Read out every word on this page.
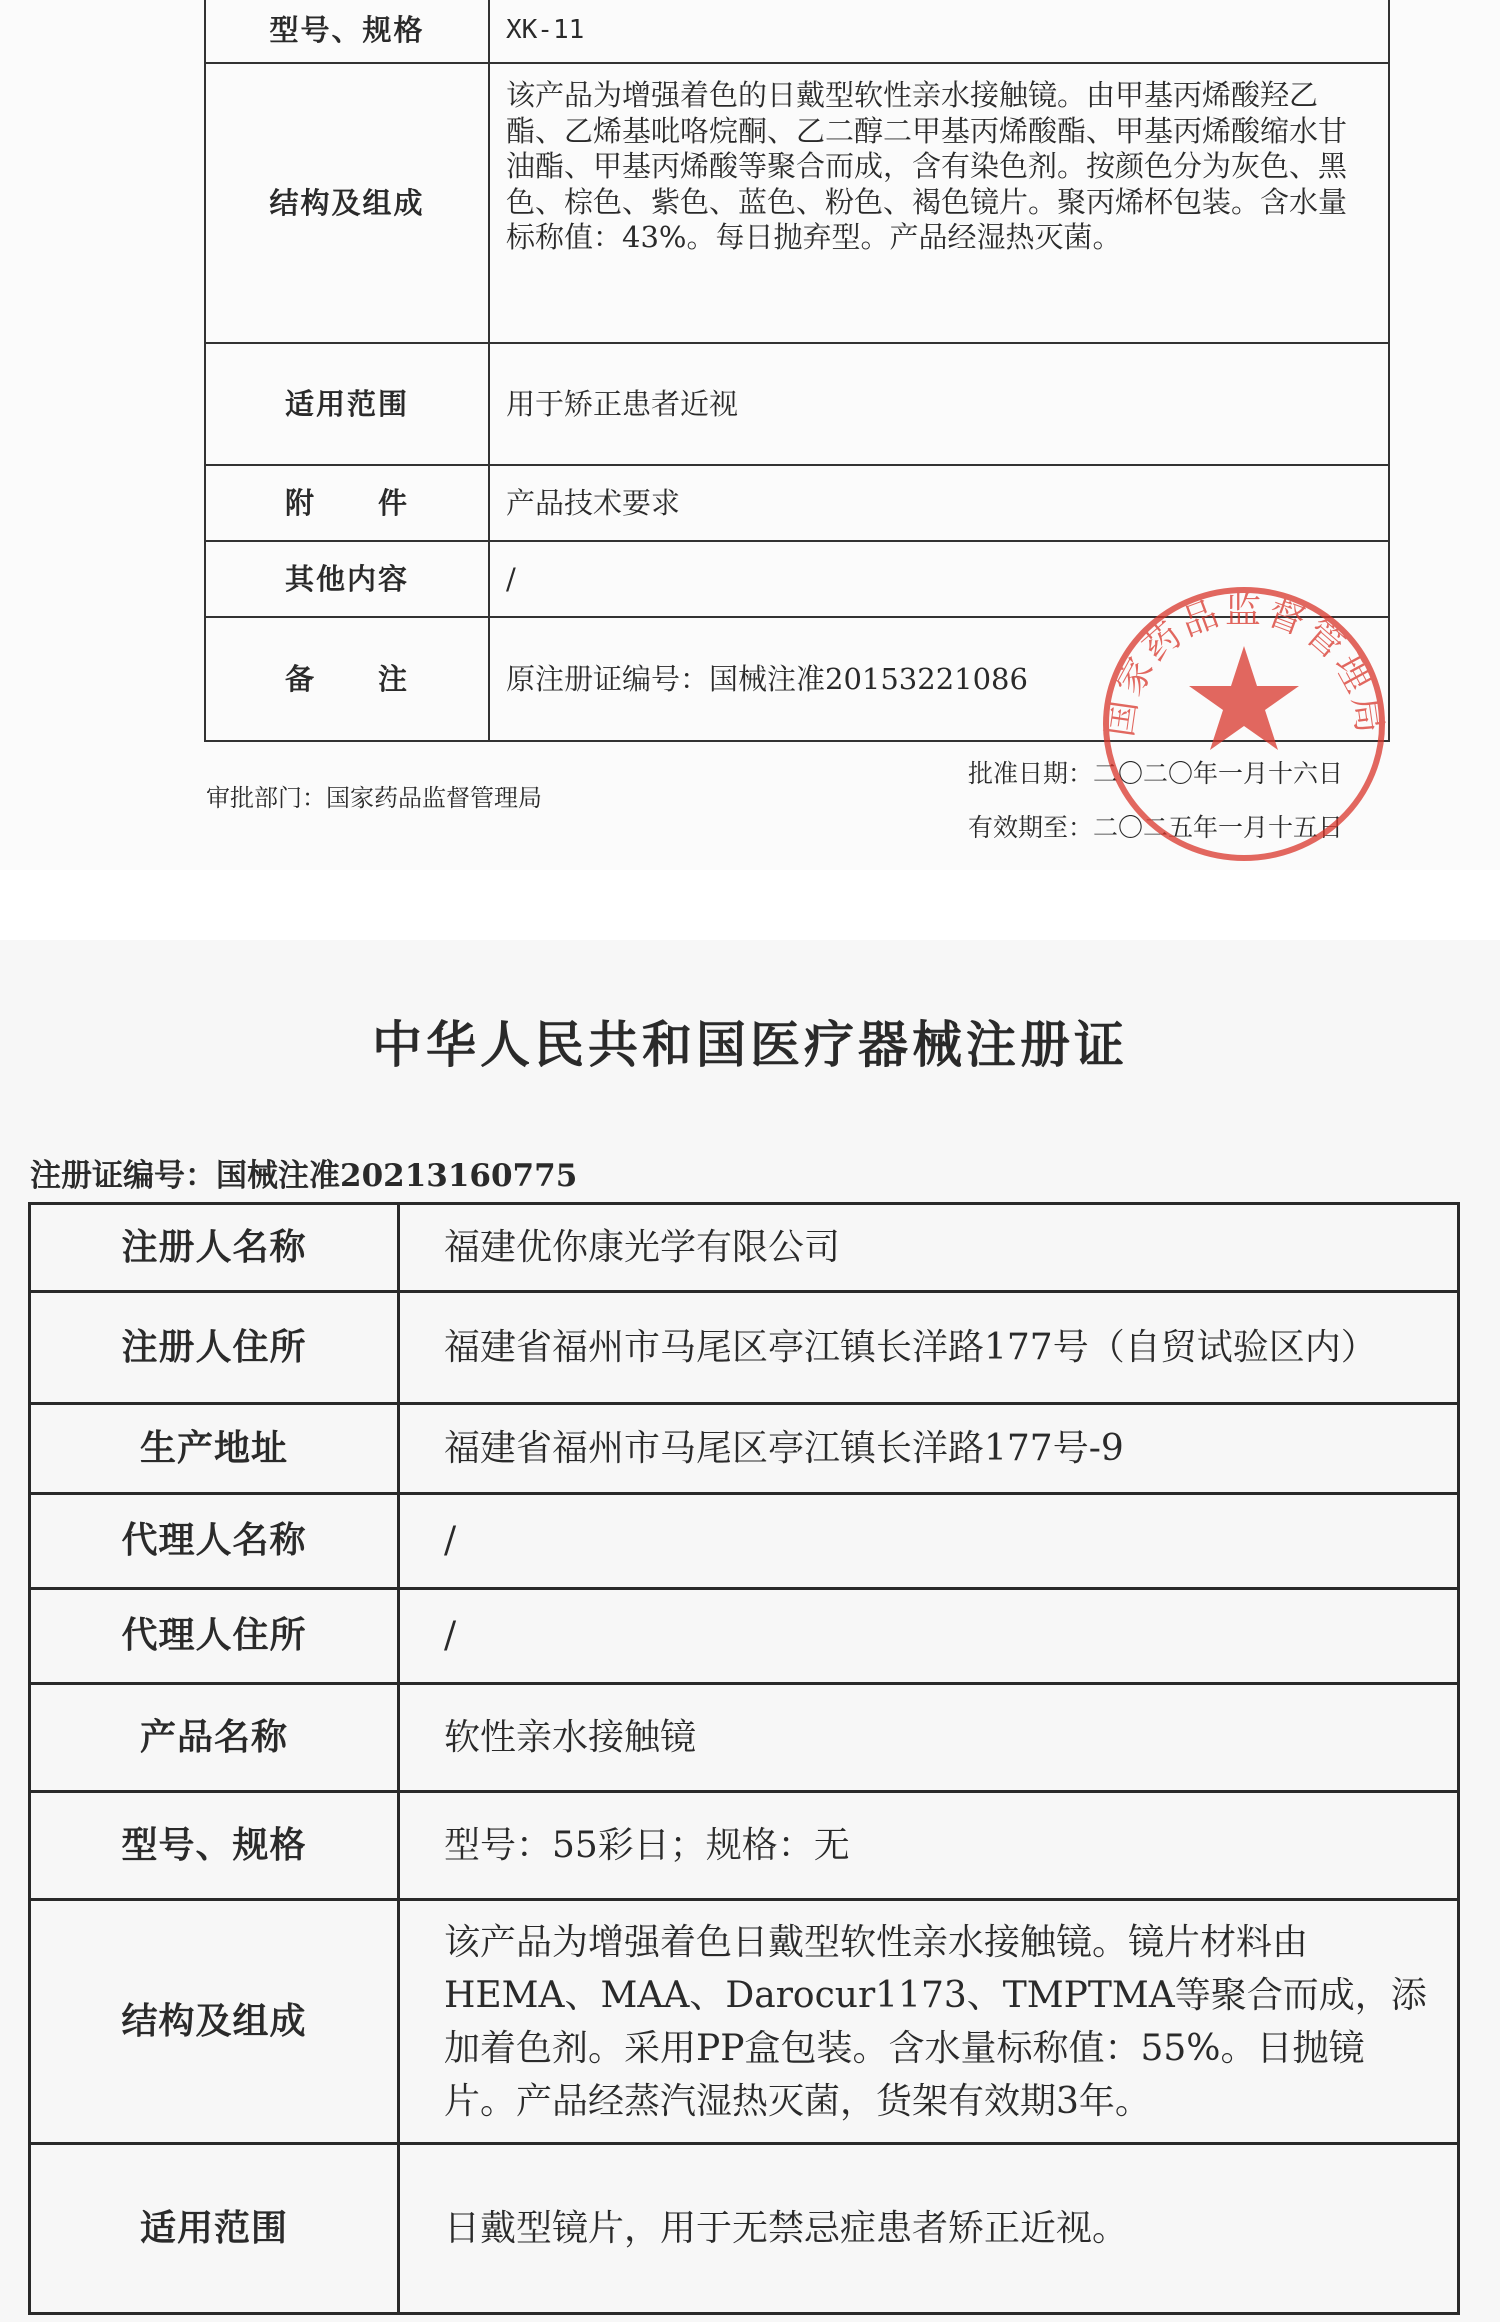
型号、规格	XK-11
结构及组成	该产品为增强着色的日戴型软性亲水接触镜。由甲基丙烯酸羟乙酯、乙烯基吡咯烷酮、乙二醇二甲基丙烯酸酯、甲基丙烯酸缩水甘油酯、甲基丙烯酸等聚合而成，含有染色剂。按颜色分为灰色、黑色、棕色、紫色、蓝色、粉色、褐色镜片。聚丙烯杯包装。含水量标称值：43%。每日抛弃型。产品经湿热灭菌。
适用范围	用于矫正患者近视
附　　件	产品技术要求
其他内容	/
备　　注	原注册证编号：国械注准20153221086
审批部门：国家药品监督管理局
批准日期：二〇二〇年一月十六日
有效期至：二〇二五年一月十五日
国家药品监督管理局
中华人民共和国医疗器械注册证
注册证编号：国械注准20213160775
注册人名称	福建优你康光学有限公司
注册人住所	福建省福州市马尾区亭江镇长洋路177号（自贸试验区内）
生产地址	福建省福州市马尾区亭江镇长洋路177号-9
代理人名称	/
代理人住所	/
产品名称	软性亲水接触镜
型号、规格	型号：55彩日；规格：无
结构及组成	该产品为增强着色日戴型软性亲水接触镜。镜片材料由HEMA、MAA、Darocur1173、TMPTMA等聚合而成，添加着色剂。采用PP盒包装。含水量标称值：55%。日抛镜片。产品经蒸汽湿热灭菌，货架有效期3年。
适用范围	日戴型镜片，用于无禁忌症患者矫正近视。
